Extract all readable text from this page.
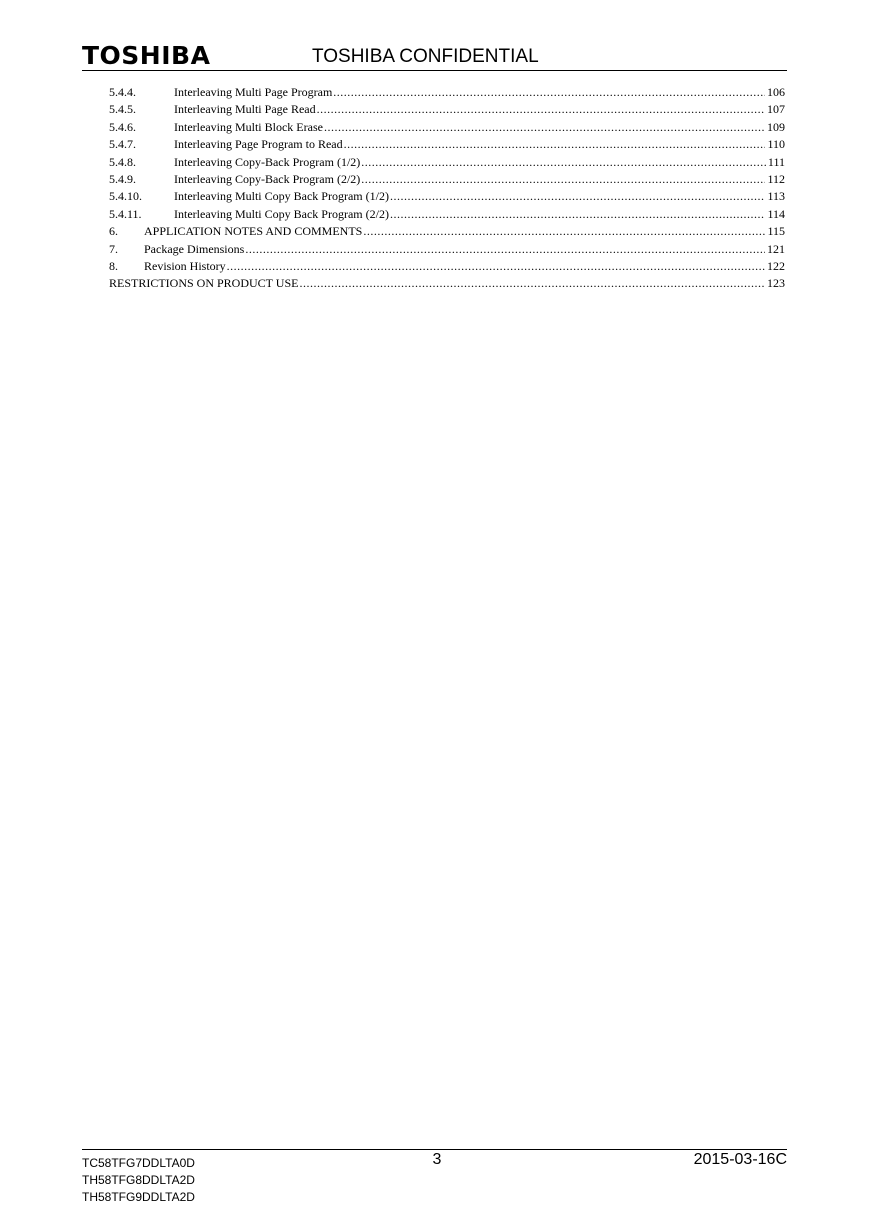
TOSHIBA	TOSHIBA CONFIDENTIAL
5.4.4.	Interleaving Multi Page Program .....	106
5.4.5.	Interleaving Multi Page Read .....	107
5.4.6.	Interleaving Multi Block Erase .....	109
5.4.7.	Interleaving Page Program to Read .....	110
5.4.8.	Interleaving Copy-Back Program (1/2) .....	111
5.4.9.	Interleaving Copy-Back Program (2/2) .....	112
5.4.10.	Interleaving Multi Copy Back Program (1/2) .....	113
5.4.11.	Interleaving Multi Copy Back Program (2/2) .....	114
6.	APPLICATION NOTES AND COMMENTS .....	115
7.	Package Dimensions .....	121
8.	Revision History .....	122
RESTRICTIONS ON PRODUCT USE .....	123
TC58TFG7DDLTA0D
TH58TFG8DDLTA2D
TH58TFG9DDLTA2D
3	2015-03-16C
